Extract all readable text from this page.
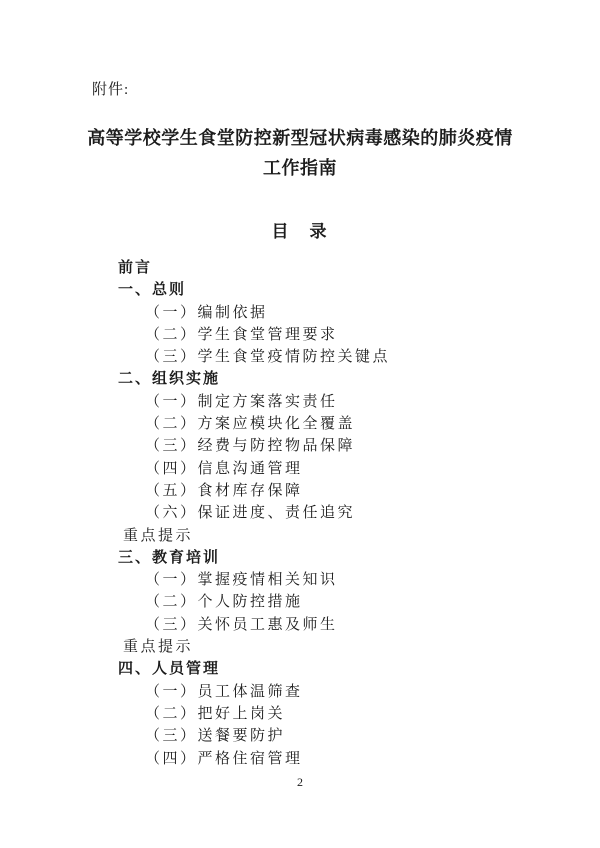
附件:
高等学校学生食堂防控新型冠状病毒感染的肺炎疫情
工作指南
目　录
前言
一、总则
（一）编制依据
（二）学生食堂管理要求
（三）学生食堂疫情防控关键点
二、组织实施
（一）制定方案落实责任
（二）方案应模块化全覆盖
（三）经费与防控物品保障
（四）信息沟通管理
（五）食材库存保障
（六）保证进度、责任追究
重点提示
三、教育培训
（一）掌握疫情相关知识
（二）个人防控措施
（三）关怀员工惠及师生
重点提示
四、人员管理
（一）员工体温筛查
（二）把好上岗关
（三）送餐要防护
（四）严格住宿管理
2
